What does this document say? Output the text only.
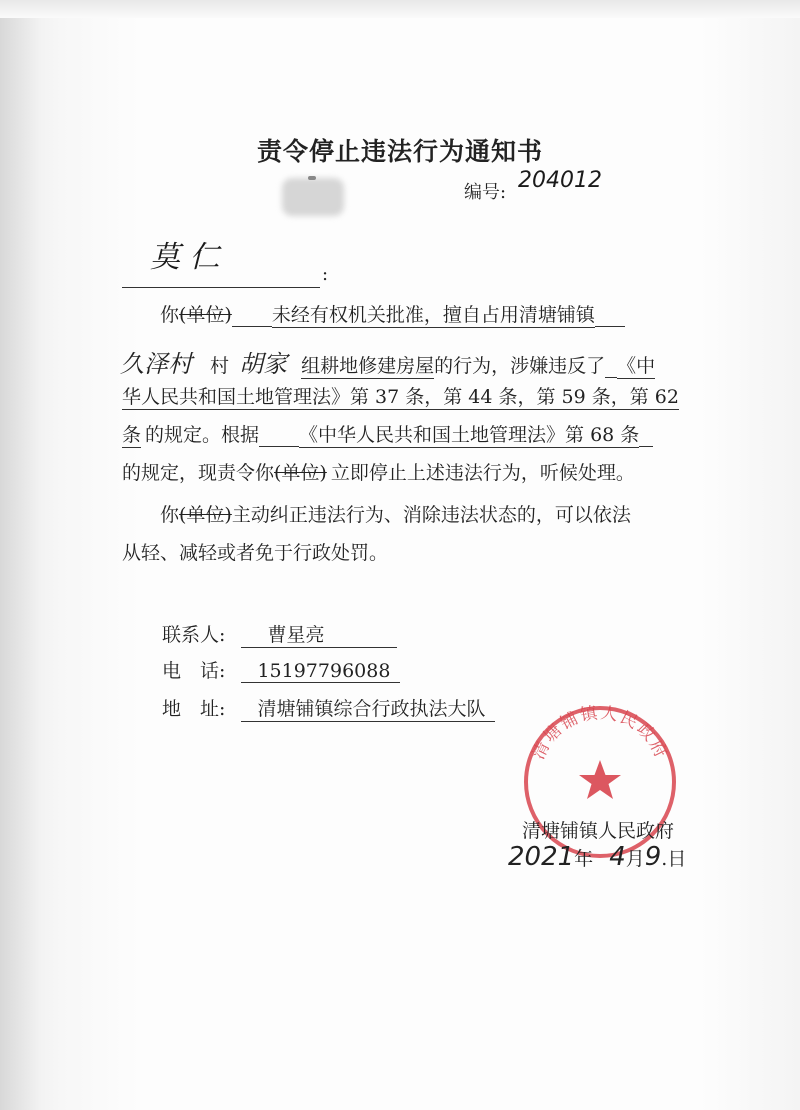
责令停止违法行为通知书
编号: 204012
莫 仁	:
你(单位) 未经有权机关批准，擅自占用清塘铺镇
久泽村 村 胡家 组耕地修建房屋的行为，涉嫌违反了 《中
华人民共和国土地管理法》第 37 条，第 44 条，第 59 条，第 62
条 的规定。根据 《中华人民共和国土地管理法》第 68 条
的规定，现责令你(单位) 立即停止上述违法行为，听候处理。
你(单位)主动纠正违法行为、消除违法状态的，可以依法
从轻、减轻或者免于行政处罚。
联系人: 曹星亮
电　话: 15197796088
地　址: 清塘铺镇综合行政执法大队
清塘铺镇人民政府
清塘铺镇人民政府
2021年 4月9.日
